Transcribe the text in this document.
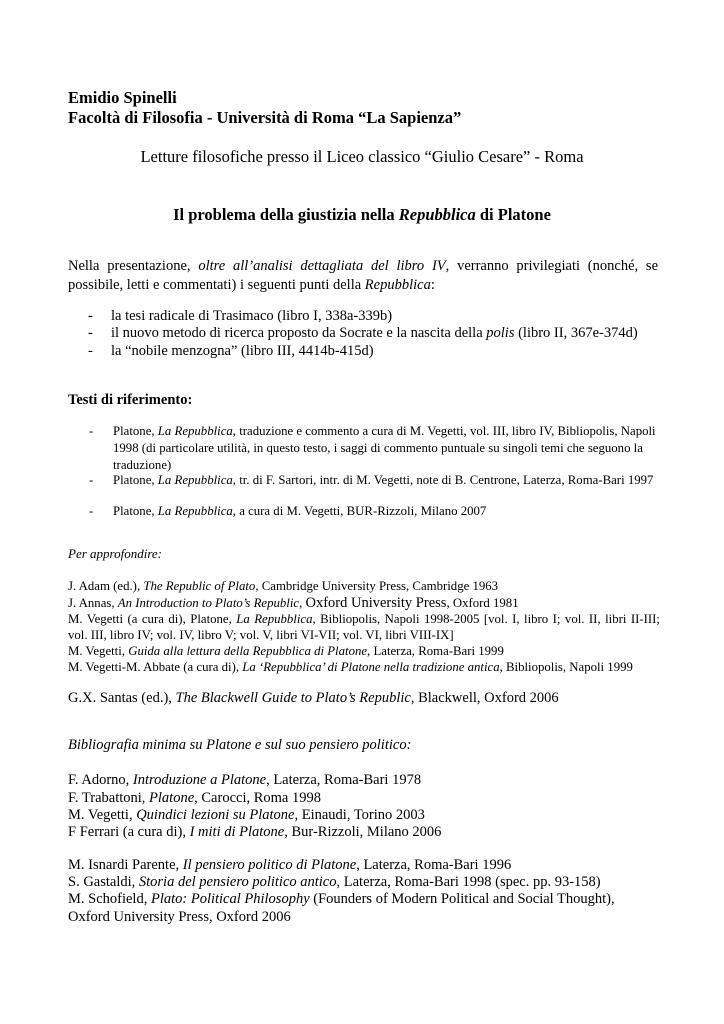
Emidio Spinelli
Facoltà di Filosofia - Università di Roma “La Sapienza”
Letture filosofiche presso il Liceo classico “Giulio Cesare” - Roma
Il problema della giustizia nella Repubblica di Platone
Nella presentazione, oltre all’analisi dettagliata del libro IV, verranno privilegiati (nonché, se possibile, letti e commentati) i seguenti punti della Repubblica:
- la tesi radicale di Trasimaco (libro I, 338a-339b)
- il nuovo metodo di ricerca proposto da Socrate e la nascita della polis (libro II, 367e-374d)
- la “nobile menzogna” (libro III, 4414b-415d)
Testi di riferimento:
- Platone, La Repubblica, traduzione e commento a cura di M. Vegetti, vol. III, libro IV, Bibliopolis, Napoli 1998 (di particolare utilità, in questo testo, i saggi di commento puntuale su singoli temi che seguono la traduzione)
- Platone, La Repubblica, tr. di F. Sartori, intr. di M. Vegetti, note di B. Centrone, Laterza, Roma-Bari 1997
- Platone, La Repubblica, a cura di M. Vegetti, BUR-Rizzoli, Milano 2007
Per approfondire:
J. Adam (ed.), The Republic of Plato, Cambridge University Press, Cambridge 1963
J. Annas, An Introduction to Plato’s Republic, Oxford University Press, Oxford 1981
M. Vegetti (a cura di), Platone, La Repubblica, Bibliopolis, Napoli 1998-2005 [vol. I, libro I; vol. II, libri II-III; vol. III, libro IV; vol. IV, libro V; vol. V, libri VI-VII; vol. VI, libri VIII-IX]
M. Vegetti, Guida alla lettura della Repubblica di Platone, Laterza, Roma-Bari 1999
M. Vegetti-M. Abbate (a cura di), La ‘Repubblica’ di Platone nella tradizione antica, Bibliopolis, Napoli 1999
G.X. Santas (ed.), The Blackwell Guide to Plato’s Republic, Blackwell, Oxford 2006
Bibliografia minima su Platone e sul suo pensiero politico:
F. Adorno, Introduzione a Platone, Laterza, Roma-Bari 1978
F. Trabattoni, Platone, Carocci, Roma 1998
M. Vegetti, Quindici lezioni su Platone, Einaudi, Torino 2003
F Ferrari (a cura di), I miti di Platone, Bur-Rizzoli, Milano 2006
M. Isnardi Parente, Il pensiero politico di Platone, Laterza, Roma-Bari 1996
S. Gastaldi, Storia del pensiero politico antico, Laterza, Roma-Bari 1998 (spec. pp. 93-158)
M. Schofield, Plato: Political Philosophy (Founders of Modern Political and Social Thought), Oxford University Press, Oxford 2006
